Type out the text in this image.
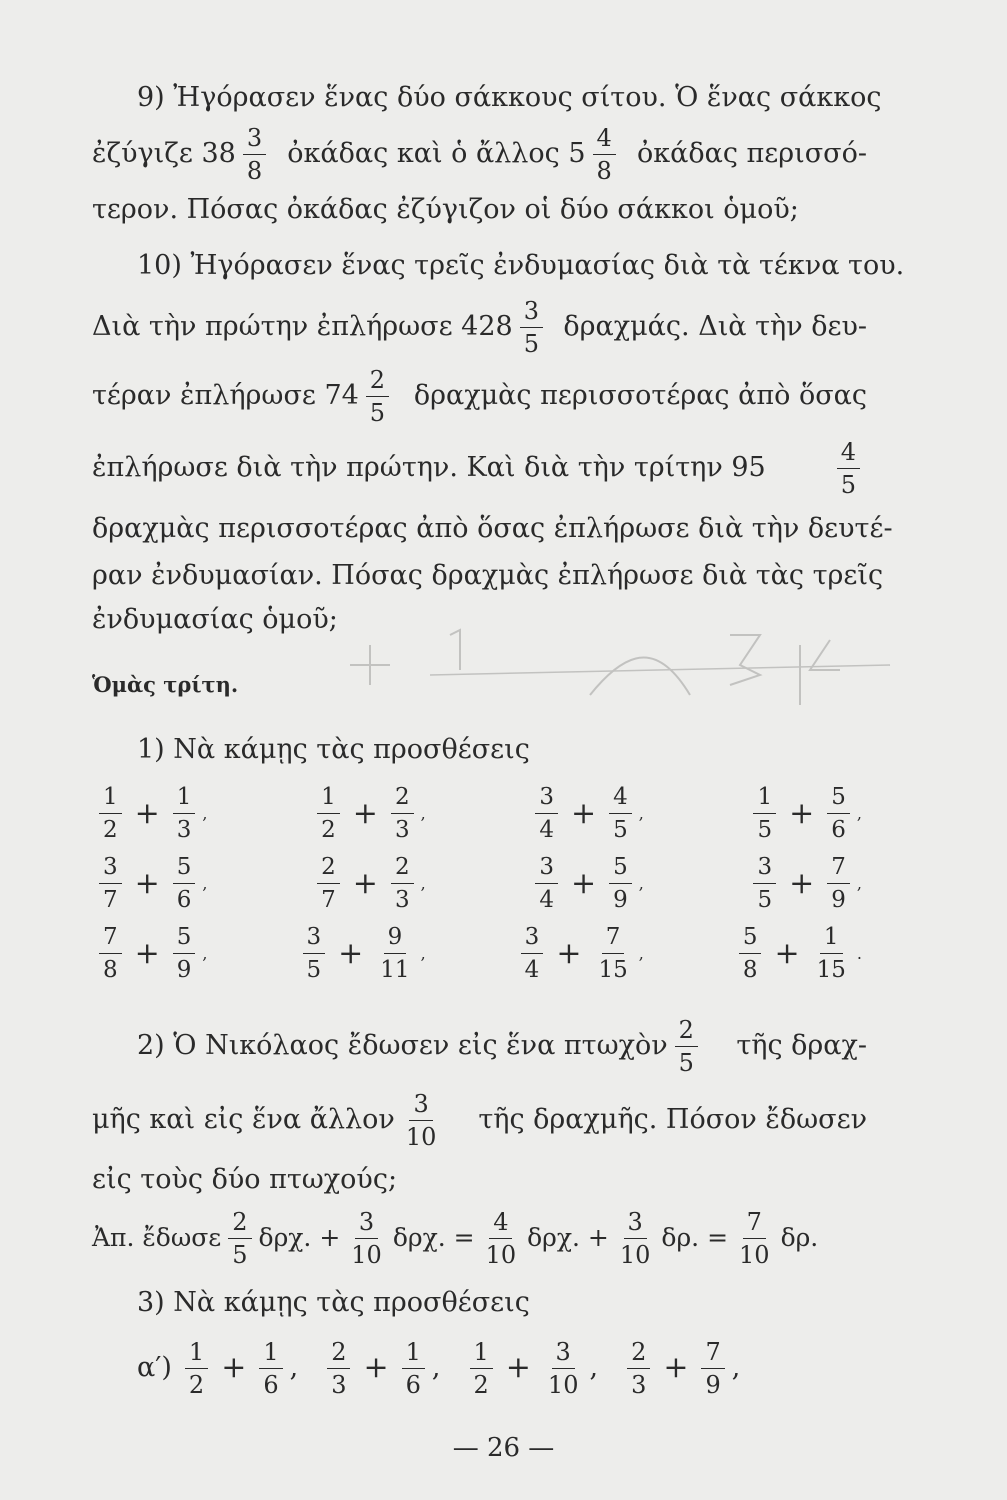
9) Ἠγόρασεν ἕνας δύο σάκκους σίτου. Ὁ ἕνας σάκκος
ἐζύγιζε $38 \frac{3}{8}$ ὀκάδας καὶ ὁ ἄλλος $5 \frac{4}{8}$ ὀκάδας περισσό-
τερον. Πόσας ὀκάδας ἐζύγιζον οἱ δύο σάκκοι ὁμοῦ;
10) Ἠγόρασεν ἕνας τρεῖς ἐνδυμασίας διὰ τὰ τέκνα του.
Διὰ τὴν πρώτην ἐπλήρωσε $428 \frac{3}{5} \delta\rho\alpha\chi\mu ά\varsigma$. Διὰ τὴν δευ-
τέραν ἐπλήρωσε $74 \frac{2}{5}$ δραχμὰς περισσοτέρας ἀπὸ ὅσας
ἐπλήρωσε διὰ τὴν πρώτην. Καὶ διὰ τὴν τρίτην 95	$\frac{4}{5}$
δραχμὰς περισσοτέρας ἀπὸ ὅσας ἐπλήρωσε διὰ τὴν δευτέ-
ραν ἐνδυμασίαν. Πόσας δραχμὰς ἐπλήρωσε διὰ τὰς τρεῖς
ἐνδυμασίας ὁμοῦ;
Ὁμὰς τρίτη.
1) Νὰ κάμῃς τὰς προσθέσεις
$\frac{1}{2} + \frac{1}{3}$ ,	$\frac{1}{2} + \frac{2}{3}$ ,	$\frac{3}{4} + \frac{4}{5}$ ,	$\frac{1}{5} + \frac{5}{6}$ ,
$\frac{3}{7} + \frac{5}{6}$ ,	$\frac{2}{7} + \frac{2}{3}$ ,	$\frac{3}{4} + \frac{5}{9}$ ,	$\frac{3}{5} + \frac{7}{9}$ ,
$\frac{7}{8} + \frac{5}{9}$ ,	$\frac{3}{5} + \frac{9}{11}$ ,	$\frac{3}{4} + \frac{7}{15}$ ,	$\frac{5}{8} + \frac{1}{15}$ .
2) Ὁ Νικόλαος ἔδωσεν εἰς ἕνα πτωχὸν $\frac{2}{5}$ τῆς δραχ-
μῆς καὶ εἰς ἕνα ἄλλον $\frac{3}{10}$ τῆς δραχμῆς. Πόσον ἔδωσεν
εἰς τοὺς δύο πτωχούς;
Ἀπ. ἔδωσε $\frac{2}{5} \delta\rho\chi$. + $\frac{3}{10} \delta\rho\chi$. = $\frac{4}{10} \delta\rho\chi$. + $\frac{3}{10} \delta\rho$. = $\frac{7}{10} \delta\rho$.
3) Νὰ κάμῃς τὰς προσθέσεις
$\alpha') \frac{1}{2} + \frac{1}{6}$ , $\frac{2}{3} + \frac{1}{6}$ , $\frac{1}{2} + \frac{3}{10}$ , $\frac{2}{3} + \frac{7}{9}$ ,
— 26 —
